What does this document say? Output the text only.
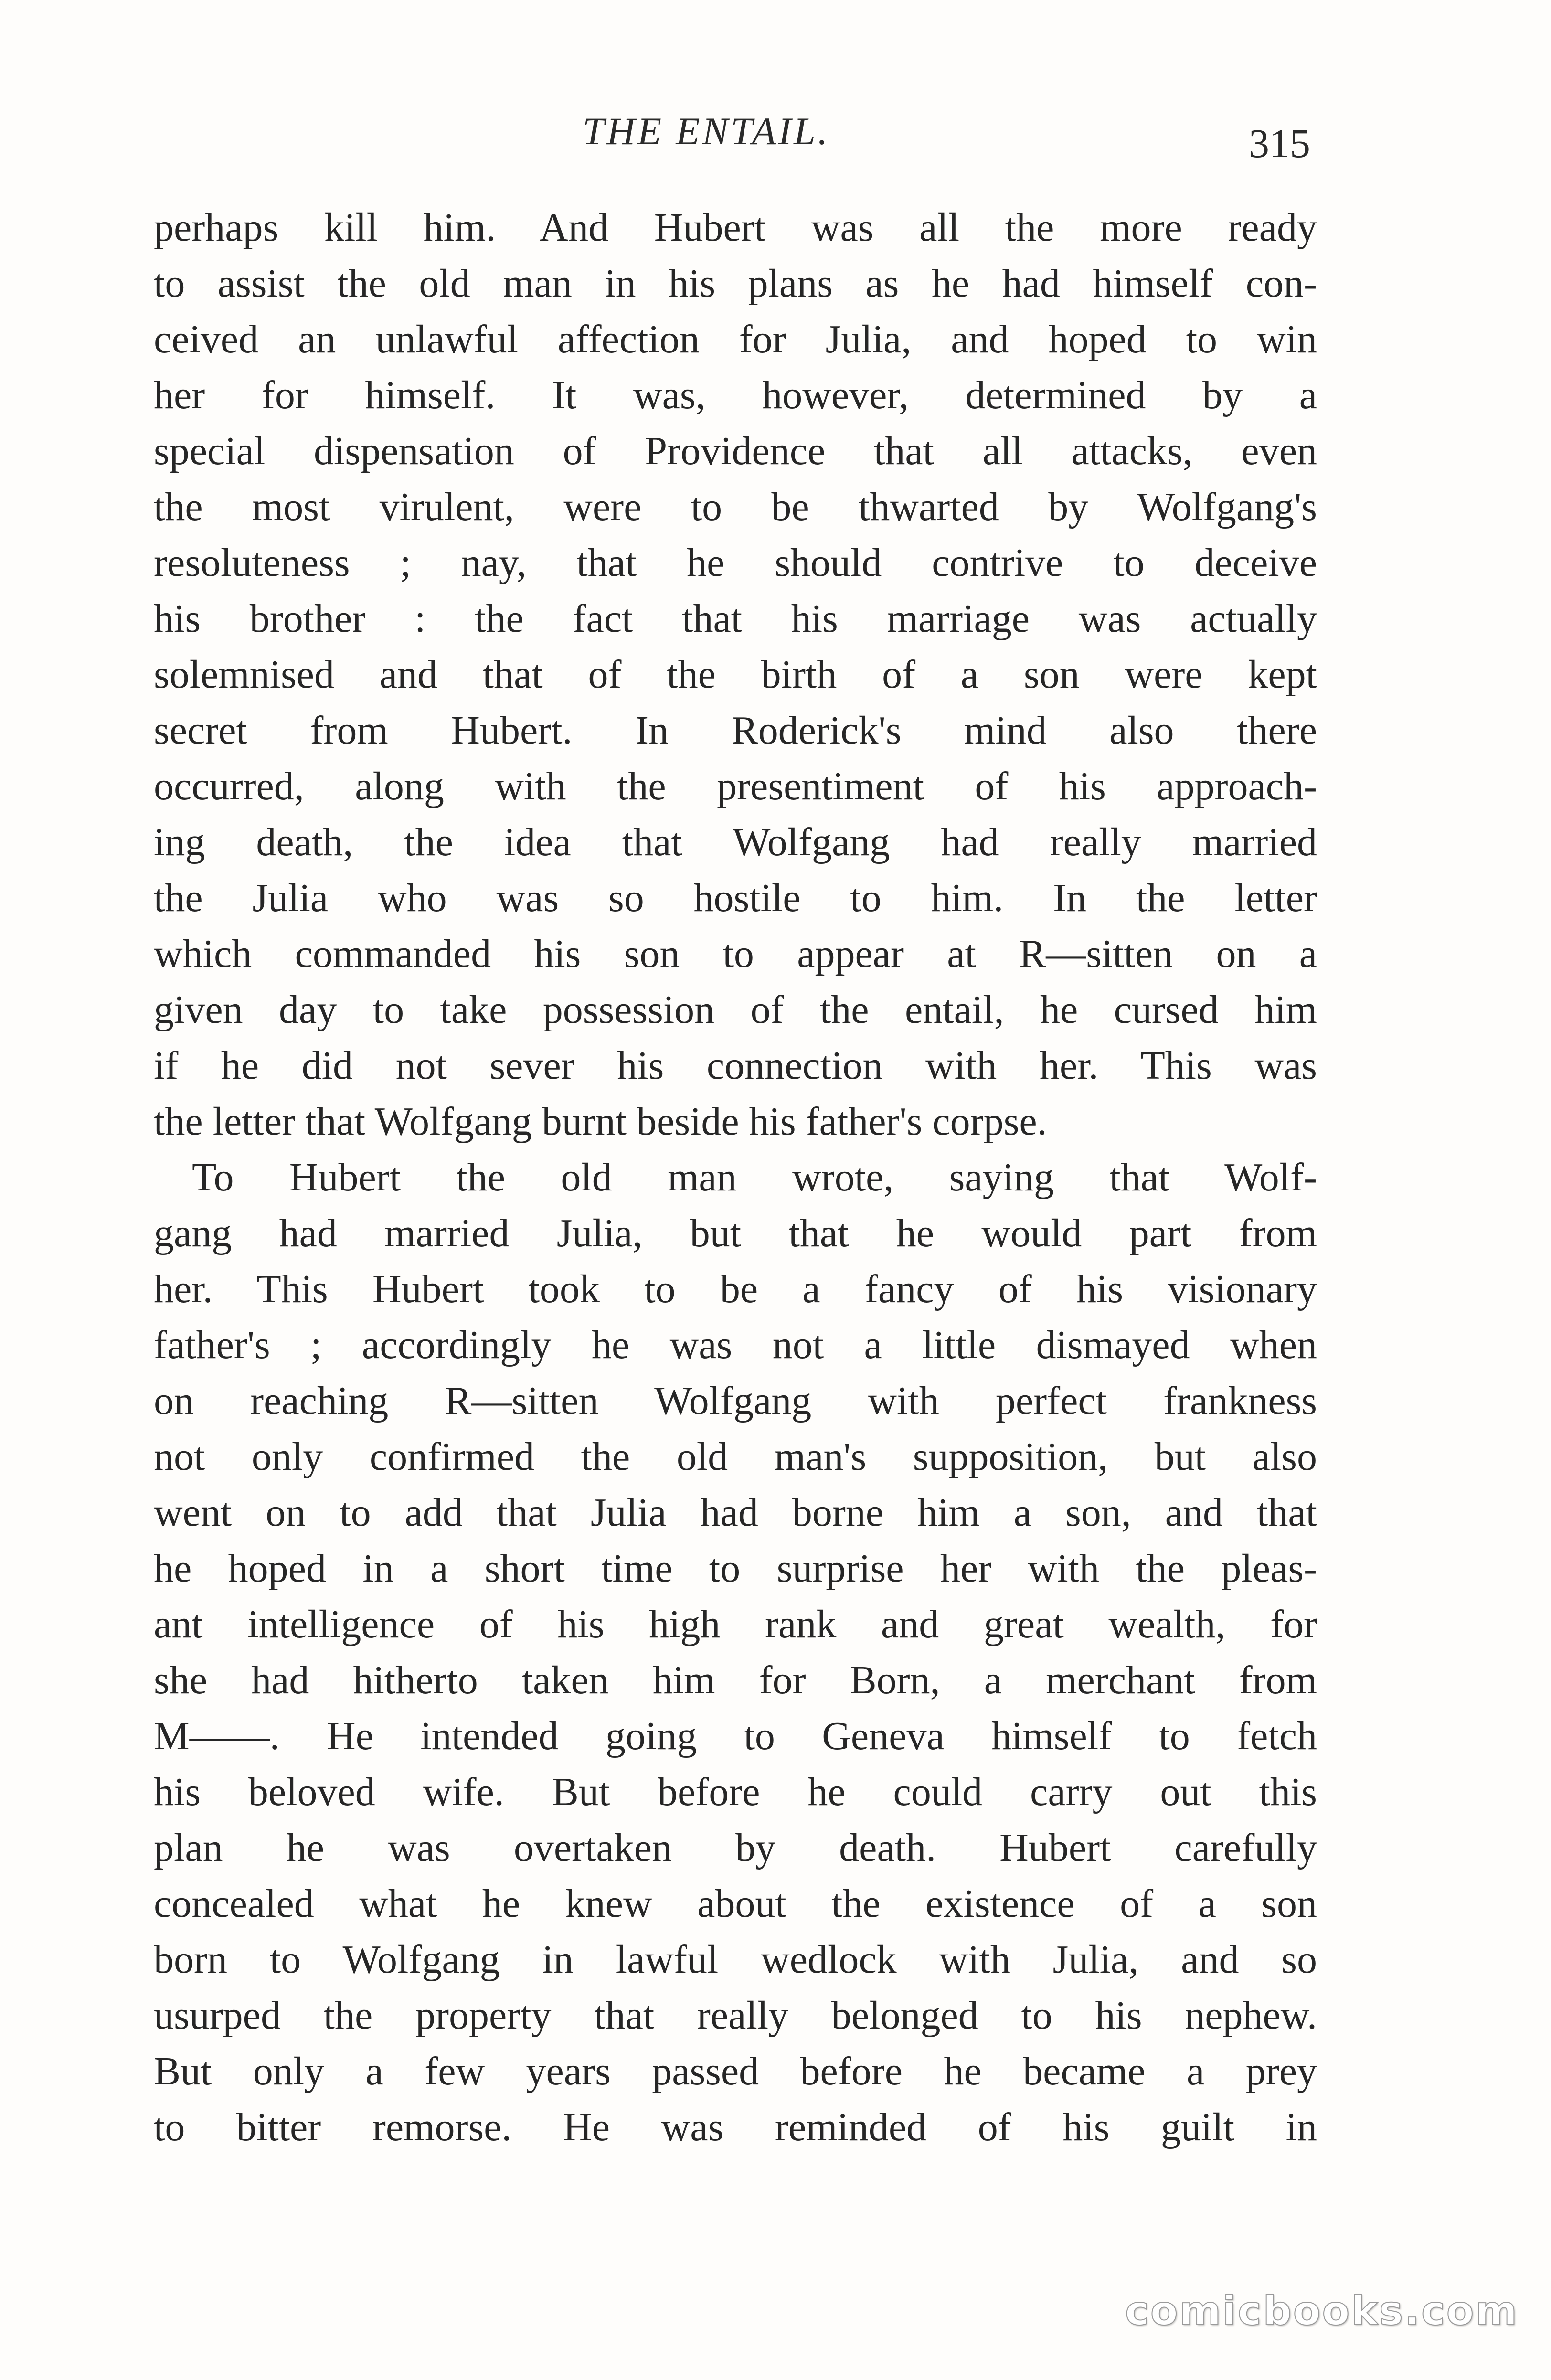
THE ENTAIL.	315
perhaps kill him. And Hubert was all the more ready
to assist the old man in his plans as he had himself con-
ceived an unlawful affection for Julia, and hoped to win
her for himself. It was, however, determined by a
special dispensation of Providence that all attacks, even
the most virulent, were to be thwarted by Wolfgang's
resoluteness ; nay, that he should contrive to deceive
his brother : the fact that his marriage was actually
solemnised and that of the birth of a son were kept
secret from Hubert. In Roderick's mind also there
occurred, along with the presentiment of his approach-
ing death, the idea that Wolfgang had really married
the Julia who was so hostile to him. In the letter
which commanded his son to appear at R—sitten on a
given day to take possession of the entail, he cursed him
if he did not sever his connection with her. This was
the letter that Wolfgang burnt beside his father's corpse.
To Hubert the old man wrote, saying that Wolf-
gang had married Julia, but that he would part from
her. This Hubert took to be a fancy of his visionary
father's ; accordingly he was not a little dismayed when
on reaching R—sitten Wolfgang with perfect frankness
not only confirmed the old man's supposition, but also
went on to add that Julia had borne him a son, and that
he hoped in a short time to surprise her with the pleas-
ant intelligence of his high rank and great wealth, for
she had hitherto taken him for Born, a merchant from
M——. He intended going to Geneva himself to fetch
his beloved wife. But before he could carry out this
plan he was overtaken by death. Hubert carefully
concealed what he knew about the existence of a son
born to Wolfgang in lawful wedlock with Julia, and so
usurped the property that really belonged to his nephew.
But only a few years passed before he became a prey
to bitter remorse. He was reminded of his guilt in
comicbooks.com
